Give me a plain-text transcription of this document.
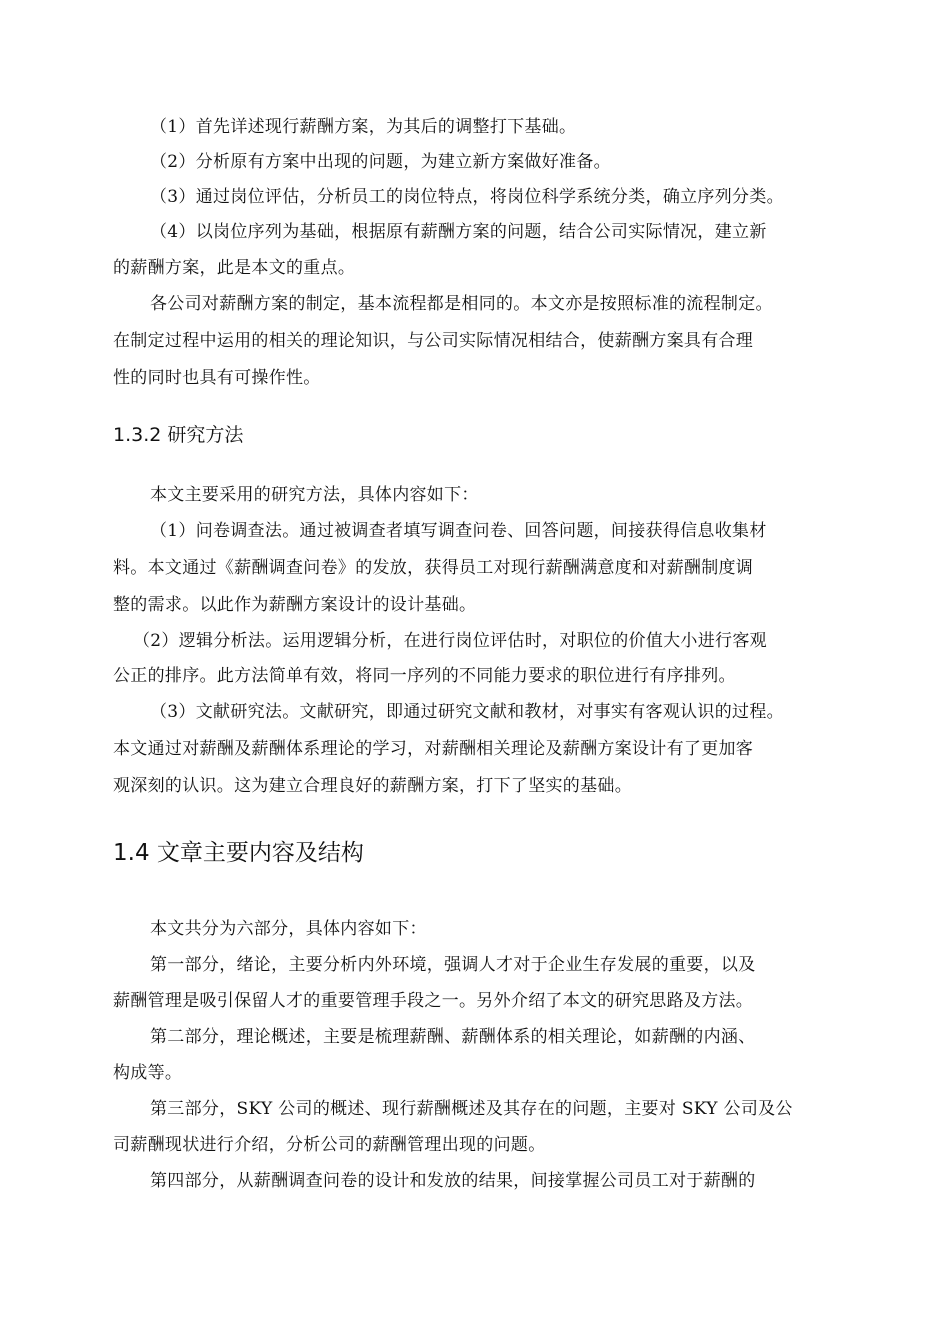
（1）首先详述现行薪酬方案，为其后的调整打下基础。
（2）分析原有方案中出现的问题，为建立新方案做好准备。
（3）通过岗位评估，分析员工的岗位特点，将岗位科学系统分类，确立序列分类。
（4）以岗位序列为基础，根据原有薪酬方案的问题，结合公司实际情况，建立新
的薪酬方案，此是本文的重点。
各公司对薪酬方案的制定，基本流程都是相同的。本文亦是按照标准的流程制定。
在制定过程中运用的相关的理论知识，与公司实际情况相结合，使薪酬方案具有合理
性的同时也具有可操作性。
1.3.2 研究方法
本文主要采用的研究方法，具体内容如下：
（1）问卷调查法。通过被调查者填写调查问卷、回答问题，间接获得信息收集材
料。本文通过《薪酬调查问卷》的发放，获得员工对现行薪酬满意度和对薪酬制度调
整的需求。以此作为薪酬方案设计的设计基础。
（2）逻辑分析法。运用逻辑分析，在进行岗位评估时，对职位的价值大小进行客观
公正的排序。此方法简单有效，将同一序列的不同能力要求的职位进行有序排列。
（3）文献研究法。文献研究，即通过研究文献和教材，对事实有客观认识的过程。
本文通过对薪酬及薪酬体系理论的学习，对薪酬相关理论及薪酬方案设计有了更加客
观深刻的认识。这为建立合理良好的薪酬方案，打下了坚实的基础。
1.4 文章主要内容及结构
本文共分为六部分，具体内容如下：
第一部分，绪论，主要分析内外环境，强调人才对于企业生存发展的重要，以及
薪酬管理是吸引保留人才的重要管理手段之一。另外介绍了本文的研究思路及方法。
第二部分，理论概述，主要是梳理薪酬、薪酬体系的相关理论，如薪酬的内涵、
构成等。
第三部分，SKY 公司的概述、现行薪酬概述及其存在的问题，主要对 SKY 公司及公
司薪酬现状进行介绍，分析公司的薪酬管理出现的问题。
第四部分，从薪酬调查问卷的设计和发放的结果，间接掌握公司员工对于薪酬的
